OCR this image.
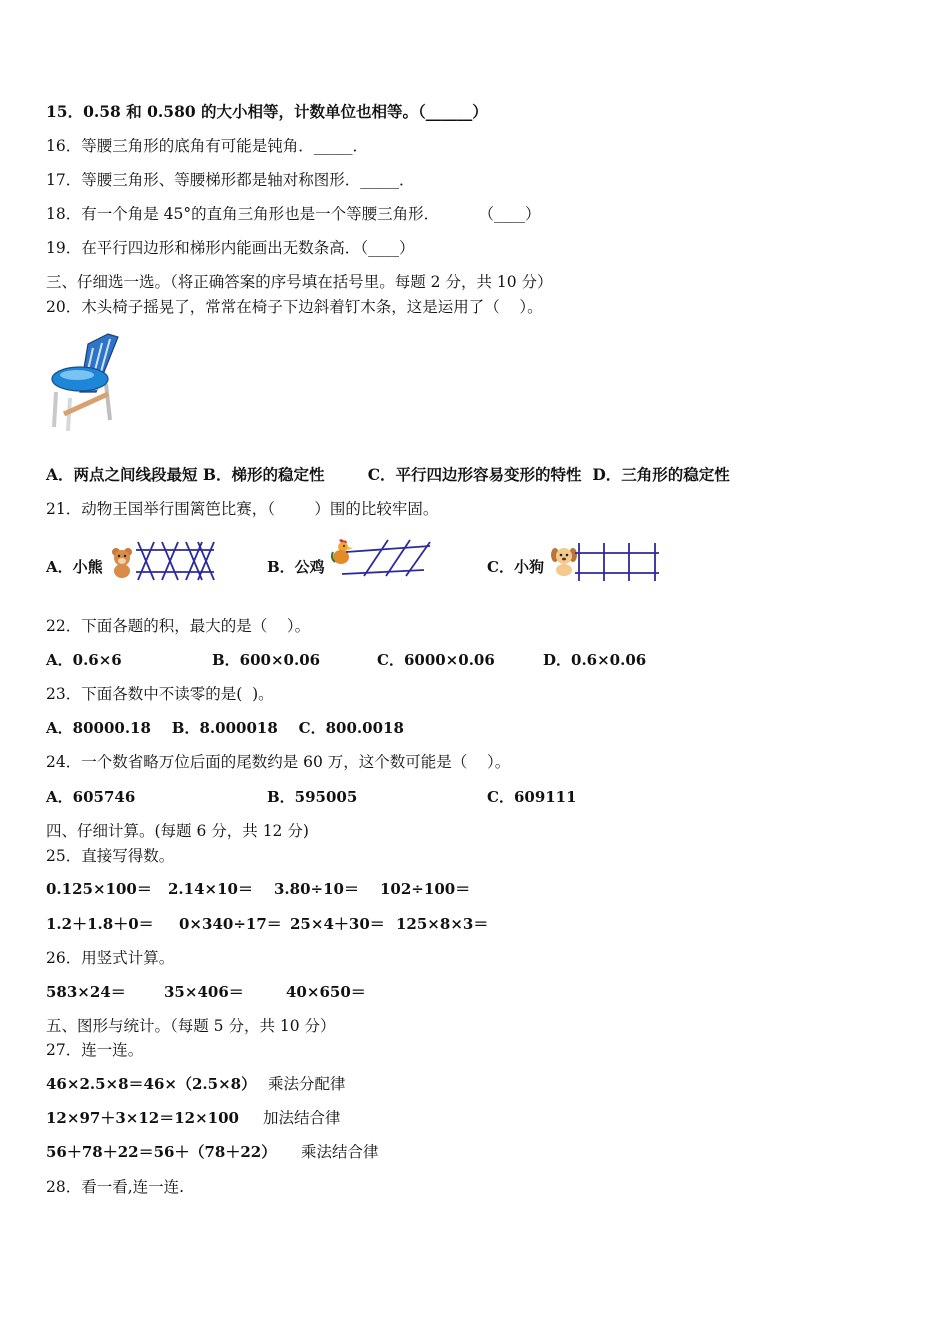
15．0.58 和 0.580 的大小相等，计数单位也相等。（______）
16．等腰三角形的底角有可能是钝角．_____．
17．等腰三角形、等腰梯形都是轴对称图形．_____．
18．有一个角是 45°的直角三角形也是一个等腰三角形．        （____）
19．在平行四边形和梯形内能画出无数条高．（____）
三、仔细选一选。（将正确答案的序号填在括号里。每题 2 分，共 10 分）
20．木头椅子摇晃了，常常在椅子下边斜着钉木条，这是运用了（    ）。
A．两点之间线段最短 B．梯形的稳定性        C．平行四边形容易变形的特性  D．三角形的稳定性
21．动物王国举行围篱笆比赛，（        ）围的比较牢固。
A．小熊	B．公鸡	C．小狗
22．下面各题的积，最大的是（    ）。
A．0.6×6	B．600×0.06	C．6000×0.06	D．0.6×0.06
23．下面各数中不读零的是(  )。
A．80000.18    B．8.000018    C．800.0018
24．一个数省略万位后面的尾数约是 60 万，这个数可能是（    ）。
A．605746	B．595005	C．609111
四、仔细计算。(每题 6 分，共 12 分)
25．直接写得数。
0.125×100＝ 2.14×10＝ 3.80÷10＝ 102÷100＝
1.2＋1.8＋0＝ 0×340÷17＝ 25×4＋30＝ 125×8×3＝
26．用竖式计算。
583×24＝	35×406＝	40×650＝
五、图形与统计。（每题 5 分，共 10 分）
27．连一连。
46×2.5×8＝46×（2.5×8） 乘法分配律
12×97＋3×12＝12×100 加法结合律
56＋78＋22＝56＋（78＋22） 乘法结合律
28．看一看,连一连.
